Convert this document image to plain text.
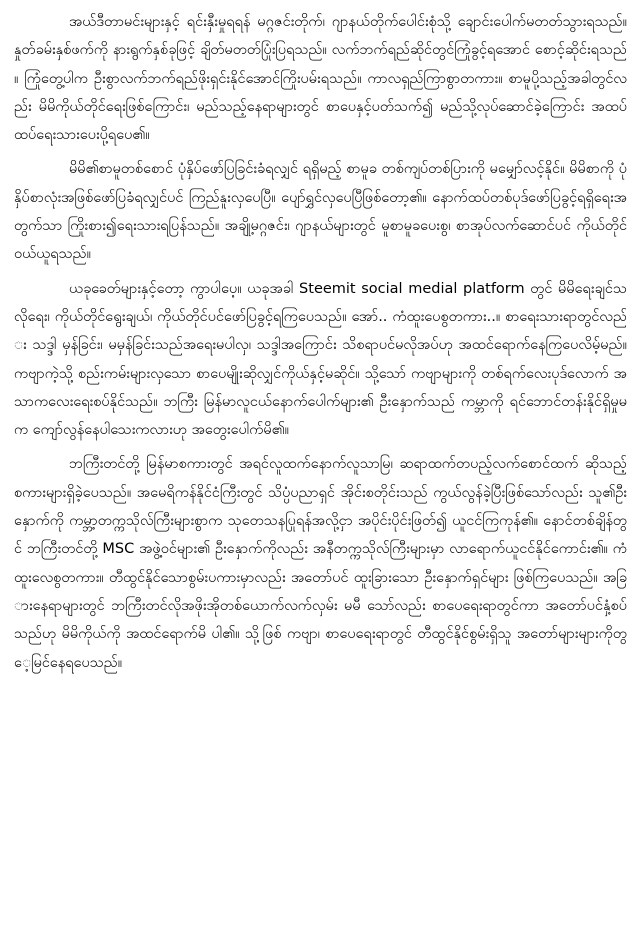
အယ်ဒီတာမင်းများနှင့် ရင်းနှီးမှုရရန် မဂ္ဂဇင်းတိုက်၊ ဂျာနယ်တိုက်ပေါင်းစုံသို့ ချောင်းပေါက်မတတ်သွားရသည်။ နှုတ်ခမ်းနှစ်ဖက်ကို နားရွက်နှစ်ခုဖြင့် ချိတ်မတတ်ပြုံးပြရသည်။ လက်ဘက်ရည်ဆိုင်တွင်ကြုံခွင့်ရအောင် စောင့်ဆိုင်းရသည်။ ကြုံတွေ့ပါက ဦးစွာလက်ဘက်ရည်ဖိုးရှင်းနိုင်အောင်ကြိုးပမ်းရသည်။ ကာလရှည်ကြာစွာတကား။ စာမူပို့သည့်အခါတွင်လည်း မိမိကိုယ်တိုင်ရေးဖြစ်ကြောင်း၊ မည်သည့်နေရာများတွင် စာပေနှင့်ပတ်သက်၍ မည်သို့လုပ်ဆောင်ခဲ့ကြောင်း အထပ်ထပ်ရေးသားပေးပို့ရပေ၏။

မိမိ၏စာမူတစ်စောင် ပုံနှိပ်ဖော်ပြခြင်းခံရလျှင် ရရှိမည့် စာမူခ တစ်ကျပ်တစ်ပြားကို မမျှော်လင့်နိုင်။ မိမိစာကို ပုံနှိပ်စာလုံးအဖြစ်ဖော်ပြခံရလျှင်ပင် ကြည်နူးလှပေပြီ။ ပျော်ရွှင်လှပေပြီဖြစ်တော့၏။ နောက်ထပ်တစ်ပုဒ်ဖော်ပြခွင့်ရရှိရေးအတွက်သာ ကြိုးစား၍ရေးသားရပြန်သည်။ အချို့မဂ္ဂဇင်း၊ ဂျာနယ်များတွင် မူစာမူခပေးစွ၊ စာအုပ်လက်ဆောင်ပင် ကိုယ်တိုင်ဝယ်ယူရသည်။

ယခုခေတ်များနှင့်တော့ ကွာပါပေ့။ ယခုအခါ Steemit social medial platform တွင် မိမိရေးချင်သလိုရေး၊ ကိုယ်တိုင်ရွေးချယ်၊ ကိုယ်တိုင်ပင်ဖော်ပြခွင့်ရကြပေသည်။ အော်.. ကံထူးပေစွတကား..။ စာရေးသားရာတွင်လည်း သဒ္ဒါ မှန်ခြင်း၊ မမှန်ခြင်းသည်အရေးမပါလှ၊ သဒ္ဒါအကြောင်း သိစရာပင်မလိုအပ်ဟု အထင်ရောက်နေကြပေလိမ့်မည်။ ကဗျာကဲ့သို့ စည်းကမ်းများလှသော စာပေမျိုးဆိုလျှင်ကိုယ်နှင့်မဆိုင်။ သို့သော် ကဗျာများကို တစ်ရက်လေးပုဒ်လောက် အသာကလေးရေးစပ်နိုင်သည်။ ဘကြီး မြန်မာလူငယ်နောက်ပေါက်များ၏ ဦးနှောက်သည် ကမ္ဘာကို ရင်ဘောင်တန်းနိုင်ရှိမှုမက ကျော်လွန်နေပါသေးကလားဟု အတွေးပေါက်မိ၏။

ဘကြီးတင်တို့ မြန်မာစကားတွင် အရင်လူထက်နောက်လူသာမြ၊ ဆရာထက်တပည့်လက်စောင်ထက် ဆိုသည့်စကားများရှိခဲ့ပေသည်။ အမေရိကန်နိုင်ငံကြီးတွင် သိပ္ပံပညာရှင် အိုင်းစတိုင်းသည် ကွယ်လွန်ခဲ့ပြီးဖြစ်သော်လည်း သူ၏ဦးနှောက်ကို ကမ္ဘာ့တက္ကသိုလ်ကြီးများစွာက သုတေသနပြုရန်အလို့ငှာ အပိုင်းပိုင်းဖြတ်၍ ယူငင်ကြကုန်၏။ နောင်တစ်ချိန်တွင် ဘကြီးတင်တို့ MSC အဖွဲ့ဝင်များ၏ ဦးနှောက်ကိုလည်း အနီတက္ကသိုလ်ကြီးများမှာ လာရောက်ယူငင်နိုင်ကောင်း၏။ ကံထူးလေစွတကား။ တီထွင်နိုင်သောစွမ်းပကားမှာလည်း အတော်ပင် ထူးခြားသော ဦးနှောက်ရှင်များ ဖြစ်ကြပေသည်။ အခြားနေရာများတွင် ဘကြီးတင်လိုအဖိုးအိုတစ်ယောက်လက်လှမ်း မမီ သော်လည်း စာပေရေးရာတွင်ကာ အတော်ပင်နှံ့စပ်သည်ဟု မိမိကိုယ်ကို အထင်ရောက်မိ ပါ၏။ သို့ဖြစ် ကဗျာ၊ စာပေရေးရာတွင် တီထွင်နိုင်စွမ်းရှိသူ အတော်များများကိုတွေ့မြင်နေရပေသည်။
